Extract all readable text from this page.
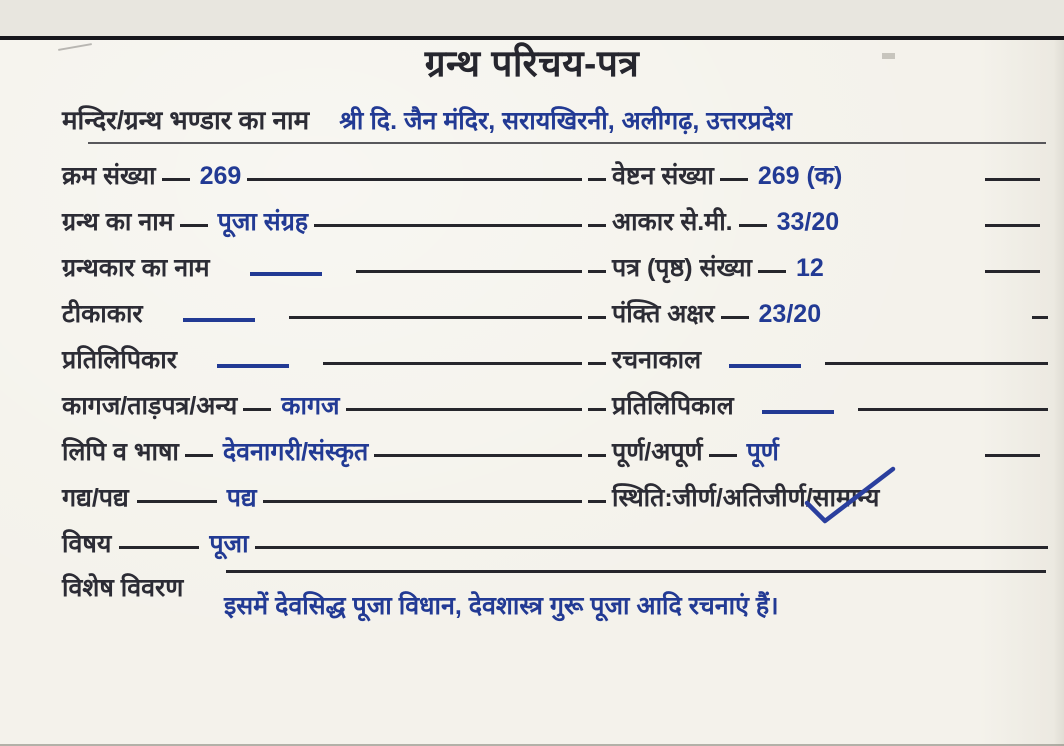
ग्रन्थ परिचय-पत्र
मन्दिर/ग्रन्थ भण्डार का नाम श्री दि. जैन मंदिर, सरायखिरनी, अलीगढ़, उत्तरप्रदेश
क्रम संख्या 269	वेष्टन संख्या 269 (क)
ग्रन्थ का नाम पूजा संग्रह	आकार से.मी. 33/20
ग्रन्थकार का नाम	पत्र (पृष्ठ) संख्या 12
टीकाकार	पंक्ति अक्षर 23/20
प्रतिलिपिकार	रचनाकाल
कागज/ताड़पत्र/अन्य कागज	प्रतिलिपिकाल
लिपि व भाषा देवनागरी/संस्कृत	पूर्ण/अपूर्ण पूर्ण
गद्य/पद्य	पद्य	स्थिति:जीर्ण/अतिजीर्ण/ सामान्य
विषय	पूजा
विशेष विवरण
इसमें देवसिद्ध पूजा विधान, देवशास्त्र गुरू पूजा आदि रचनाएं हैं।
